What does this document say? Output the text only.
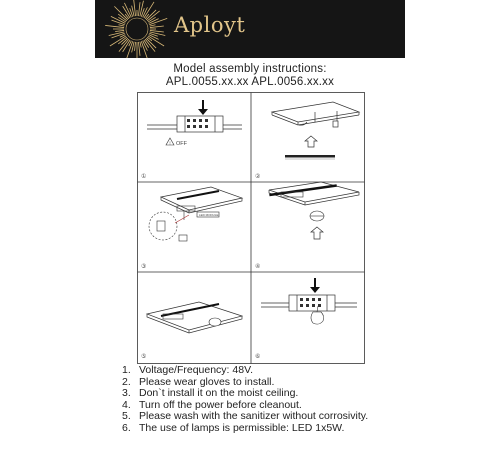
Aployt
Model assembly instructions:
APL.0055.xx.xx APL.0056.xx.xx
! OFF
①	②
LED MODULE
③	④
⑤	⑥
1. Voltage/Frequency: 48V.
2. Please wear gloves to install.
3. Don`t install it on the moist ceiling.
4. Turn off the power before cleanout.
5. Please wash with the sanitizer without corrosivity.
6. The use of lamps is permissible: LED 1x5W.
